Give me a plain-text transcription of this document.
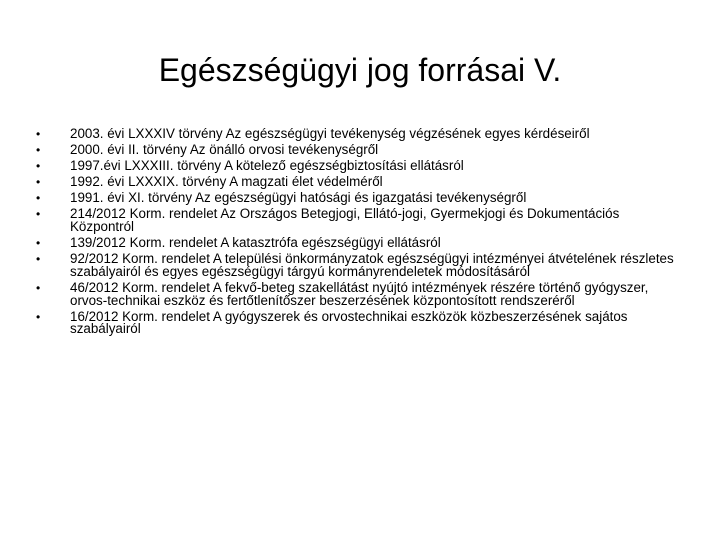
Egészségügyi jog forrásai V.
•	2003. évi LXXXIV törvény Az egészségügyi tevékenység végzésének egyes kérdéseiről
•	2000. évi II. törvény Az önálló orvosi tevékenységről
•	1997.évi LXXXIII. törvény A kötelező egészségbiztosítási ellátásról
•	1992. évi LXXXIX. törvény A magzati élet védelméről
•	1991. évi XI. törvény Az egészségügyi hatósági és igazgatási tevékenységről
•	214/2012 Korm. rendelet Az Országos Betegjogi, Ellátó-jogi, Gyermekjogi és Dokumentációs Központról
•	139/2012 Korm. rendelet A katasztrófa egészségügyi ellátásról
•	92/2012 Korm. rendelet A települési önkormányzatok egészségügyi intézményei átvételének részletes szabályairól és egyes egészségügyi tárgyú kormányrendeletek módosításáról
•	46/2012 Korm. rendelet A fekvő-beteg szakellátást nyújtó intézmények részére történő gyógyszer, orvos-technikai eszköz és fertőtlenítőszer beszerzésének központosított rendszeréről
•	16/2012 Korm. rendelet A gyógyszerek és orvostechnikai eszközök közbeszerzésének sajátos szabályairól
